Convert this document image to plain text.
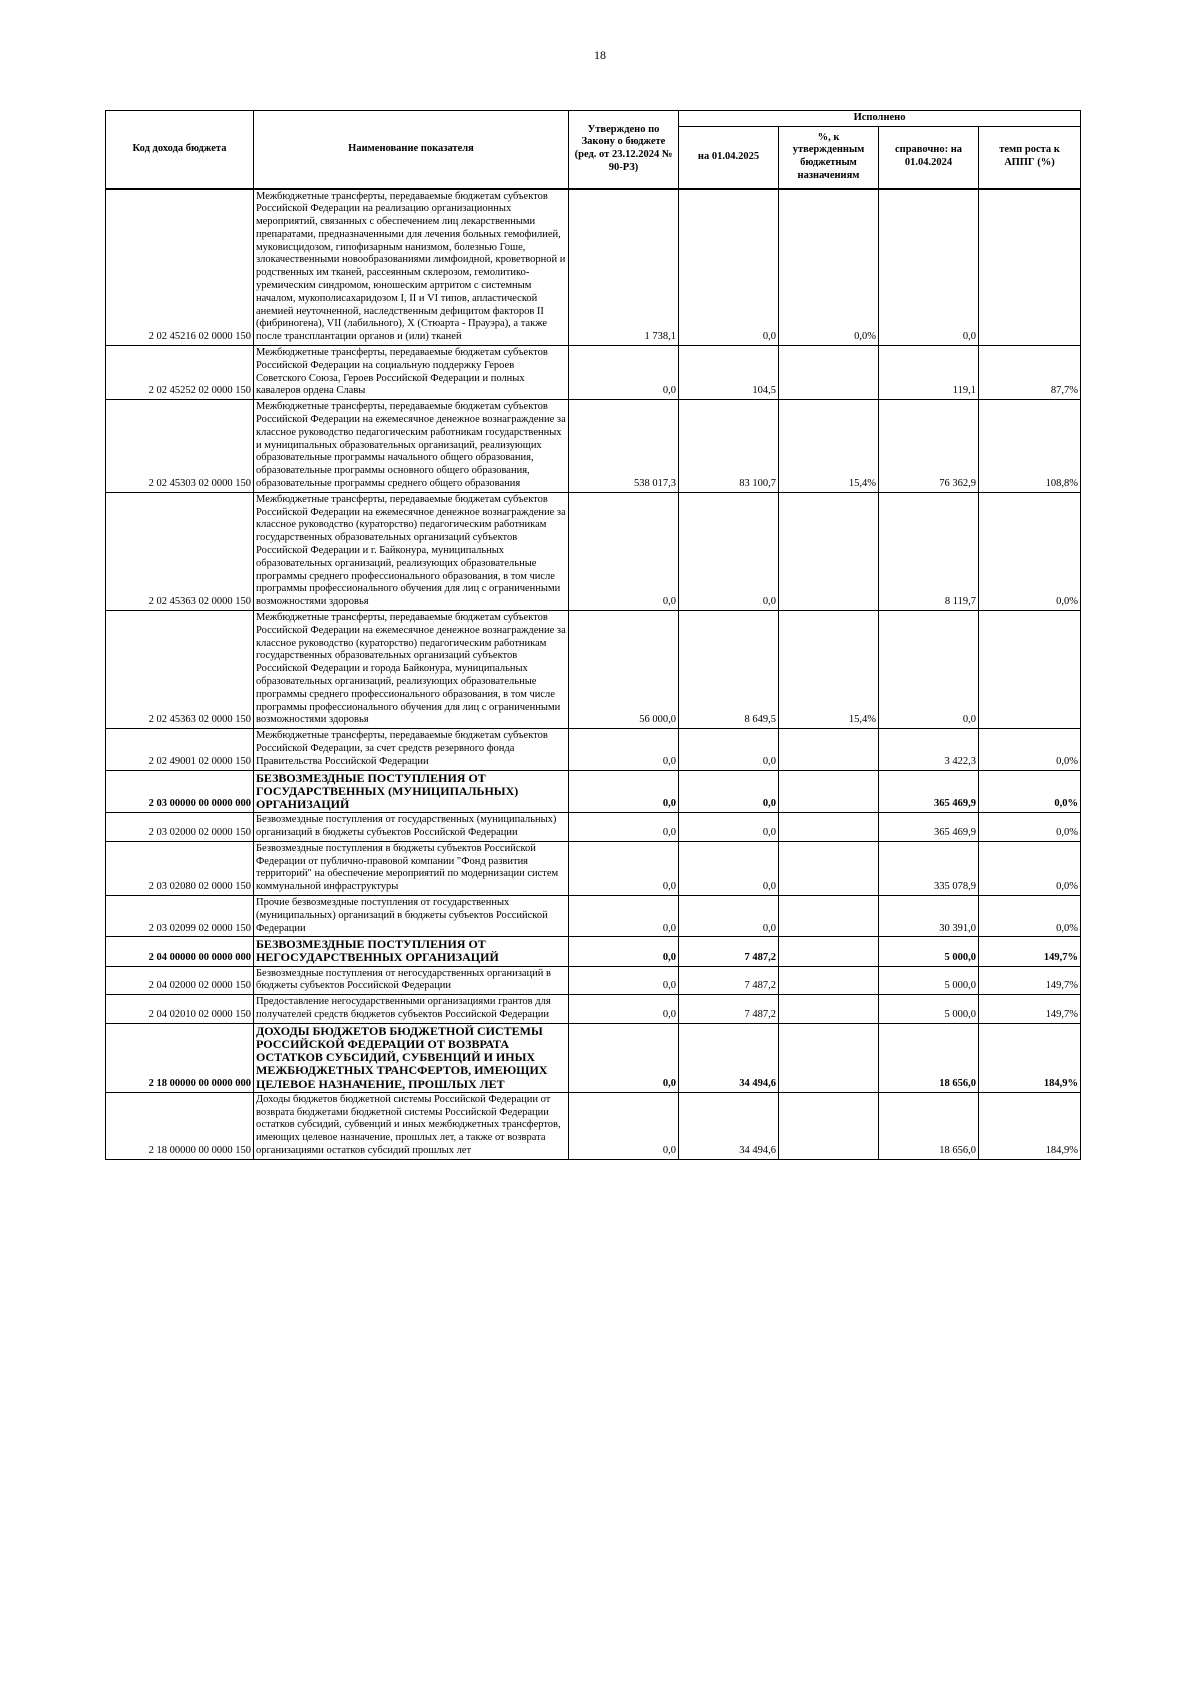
18
Код дохода бюджета	Наименование показателя	Утверждено по Закону о бюджете (ред. от 23.12.2024 № 90-РЗ)	Исполнено			
			на 01.04.2025	%, к утвержденным бюджетным назначениям	справочно: на 01.04.2024	темп роста к АППГ (%)
2 02 45216 02 0000 150	Межбюджетные трансферты, передаваемые бюджетам субъектов Российской Федерации на реализацию организационных мероприятий, связанных с обеспечением лиц лекарственными препаратами, предназначенными для лечения больных гемофилией, муковисцидозом, гипофизарным нанизмом, болезнью Гоше, злокачественными новообразованиями лимфоидной, кроветворной и родственных им тканей, рассеянным склерозом, гемолитико-уремическим синдромом, юношеским артритом с системным началом, мукополисахаридозом I, II и VI типов, апластической анемией неуточненной, наследственным дефицитом факторов II (фибриногена), VII (лабильного), X (Стюарта - Прауэра), а также после трансплантации органов и (или) тканей	1 738,1	0,0	0,0%	0,0	
2 02 45252 02 0000 150	Межбюджетные трансферты, передаваемые бюджетам субъектов Российской Федерации на социальную поддержку Героев Советского Союза, Героев Российской Федерации и полных кавалеров ордена Славы	0,0	104,5		119,1	87,7%
2 02 45303 02 0000 150	Межбюджетные трансферты, передаваемые бюджетам субъектов Российской Федерации на ежемесячное денежное вознаграждение за классное руководство педагогическим работникам государственных и муниципальных образовательных организаций, реализующих образовательные программы начального общего образования, образовательные программы основного общего образования, образовательные программы среднего общего образования	538 017,3	83 100,7	15,4%	76 362,9	108,8%
2 02 45363 02 0000 150	Межбюджетные трансферты, передаваемые бюджетам субъектов Российской Федерации на ежемесячное денежное вознаграждение за классное руководство (кураторство) педагогическим работникам государственных образовательных организаций субъектов Российской Федерации и г. Байконура, муниципальных образовательных организаций, реализующих образовательные программы среднего профессионального образования, в том числе программы профессионального обучения для лиц с ограниченными возможностями здоровья	0,0	0,0		8 119,7	0,0%
2 02 45363 02 0000 150	Межбюджетные трансферты, передаваемые бюджетам субъектов Российской Федерации на ежемесячное денежное вознаграждение за классное руководство (кураторство) педагогическим работникам государственных образовательных организаций субъектов Российской Федерации и города Байконура, муниципальных образовательных организаций, реализующих образовательные программы среднего профессионального образования, в том числе программы профессионального обучения для лиц с ограниченными возможностями здоровья	56 000,0	8 649,5	15,4%	0,0	
2 02 49001 02 0000 150	Межбюджетные трансферты, передаваемые бюджетам субъектов Российской Федерации, за счет средств резервного фонда Правительства Российской Федерации	0,0	0,0		3 422,3	0,0%
2 03 00000 00 0000 000	БЕЗВОЗМЕЗДНЫЕ ПОСТУПЛЕНИЯ ОТ ГОСУДАРСТВЕННЫХ (МУНИЦИПАЛЬНЫХ) ОРГАНИЗАЦИЙ	0,0	0,0		365 469,9	0,0%
2 03 02000 02 0000 150	Безвозмездные поступления от государственных (муниципальных) организаций в бюджеты субъектов Российской Федерации	0,0	0,0		365 469,9	0,0%
2 03 02080 02 0000 150	Безвозмездные поступления в бюджеты субъектов Российской Федерации от публично-правовой компании "Фонд развития территорий" на обеспечение мероприятий по модернизации систем коммунальной инфраструктуры	0,0	0,0		335 078,9	0,0%
2 03 02099 02 0000 150	Прочие безвозмездные поступления от государственных (муниципальных) организаций в бюджеты субъектов Российской Федерации	0,0	0,0		30 391,0	0,0%
2 04 00000 00 0000 000	БЕЗВОЗМЕЗДНЫЕ ПОСТУПЛЕНИЯ ОТ НЕГОСУДАРСТВЕННЫХ ОРГАНИЗАЦИЙ	0,0	7 487,2		5 000,0	149,7%
2 04 02000 02 0000 150	Безвозмездные поступления от негосударственных организаций в бюджеты субъектов Российской Федерации	0,0	7 487,2		5 000,0	149,7%
2 04 02010 02 0000 150	Предоставление негосударственными организациями грантов для получателей средств бюджетов субъектов Российской Федерации	0,0	7 487,2		5 000,0	149,7%
2 18 00000 00 0000 000	ДОХОДЫ БЮДЖЕТОВ БЮДЖЕТНОЙ СИСТЕМЫ РОССИЙСКОЙ ФЕДЕРАЦИИ ОТ ВОЗВРАТА ОСТАТКОВ СУБСИДИЙ, СУБВЕНЦИЙ И ИНЫХ МЕЖБЮДЖЕТНЫХ ТРАНСФЕРТОВ, ИМЕЮЩИХ ЦЕЛЕВОЕ НАЗНАЧЕНИЕ, ПРОШЛЫХ ЛЕТ	0,0	34 494,6		18 656,0	184,9%
2 18 00000 00 0000 150	Доходы бюджетов бюджетной системы Российской Федерации от возврата бюджетами бюджетной системы Российской Федерации остатков субсидий, субвенций и иных межбюджетных трансфертов, имеющих целевое назначение, прошлых лет, а также от возврата организациями остатков субсидий прошлых лет	0,0	34 494,6		18 656,0	184,9%
